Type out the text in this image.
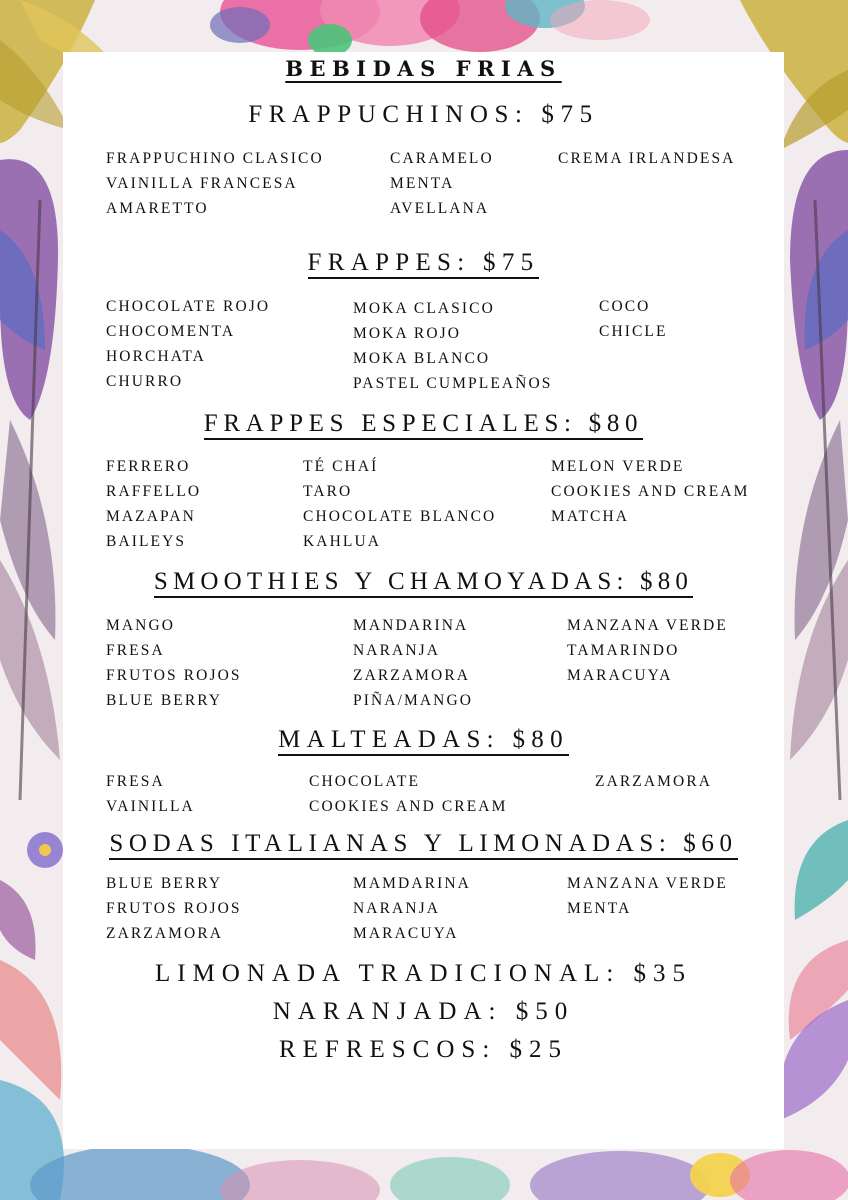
BEBIDAS FRIAS
FRAPPUCHINOS: $75
FRAPPUCHINO CLASICO
VAINILLA FRANCESA
AMARETTO
CARAMELO
MENTA
AVELLANA
CREMA IRLANDESA
FRAPPES: $75
CHOCOLATE ROJO
CHOCOMENTA
HORCHATA
CHURRO
MOKA CLASICO
MOKA ROJO
MOKA BLANCO
PASTEL CUMPLEAÑOS
COCO
CHICLE
FRAPPES ESPECIALES: $80
FERRERO
RAFFELLO
MAZAPAN
BAILEYS
TÉ CHAÍ
TARO
CHOCOLATE BLANCO
KAHLUA
MELON VERDE
COOKIES AND CREAM
MATCHA
SMOOTHIES Y CHAMOYADAS: $80
MANGO
FRESA
FRUTOS ROJOS
BLUE BERRY
MANDARINA
NARANJA
ZARZAMORA
PIÑA/MANGO
MANZANA VERDE
TAMARINDO
MARACUYA
MALTEADAS: $80
FRESA
VAINILLA
CHOCOLATE
COOKIES AND CREAM
ZARZAMORA
SODAS ITALIANAS Y LIMONADAS: $60
BLUE BERRY
FRUTOS ROJOS
ZARZAMORA
MAMDARINA
NARANJA
MARACUYA
MANZANA VERDE
MENTA
LIMONADA TRADICIONAL: $35
NARANJADA: $50
REFRESCOS: $25
